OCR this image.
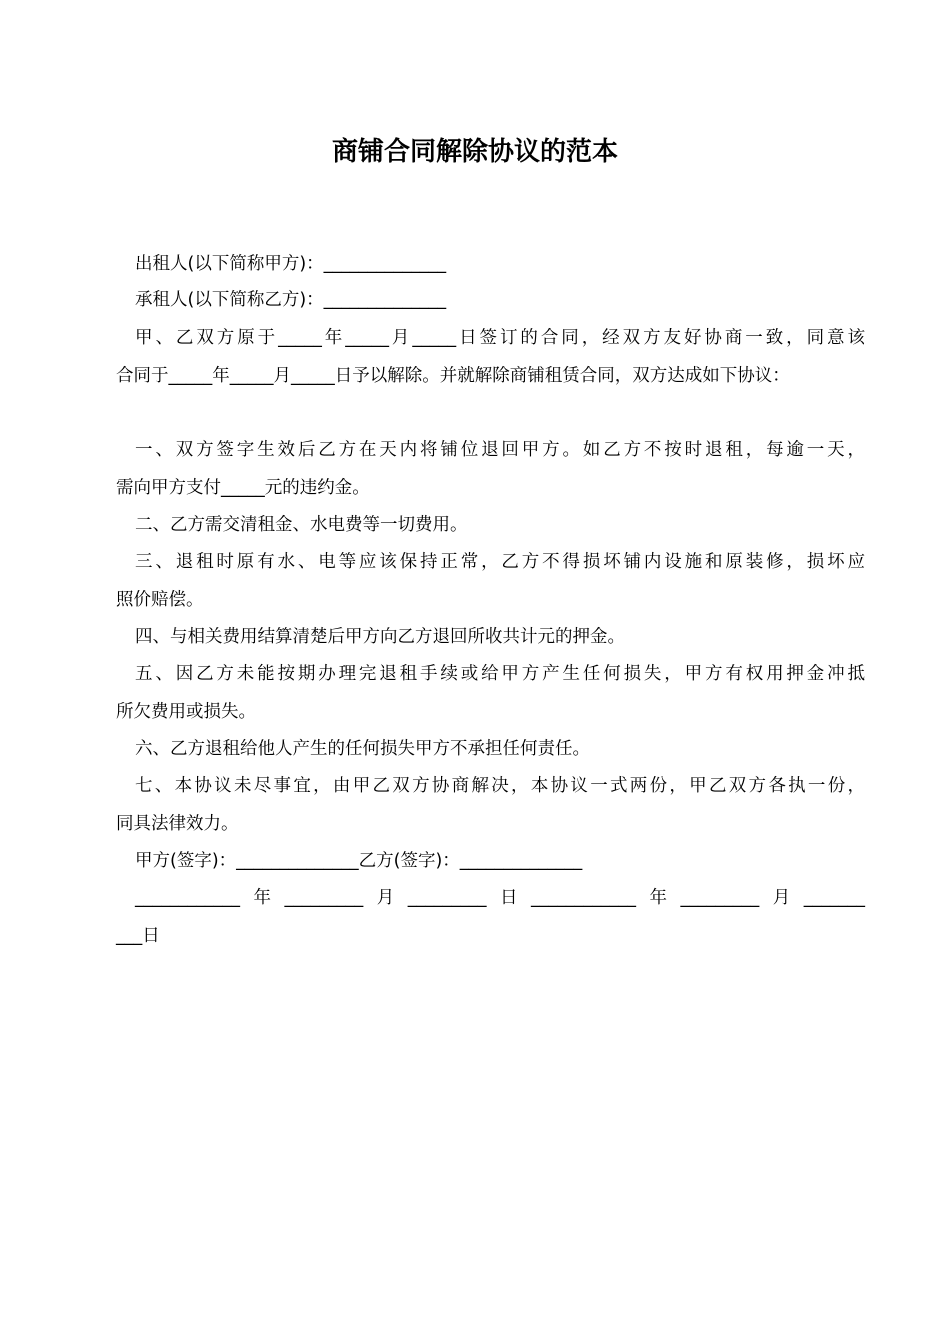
商铺合同解除协议的范本
出租人(以下简称甲方)：______________
承租人(以下简称乙方)：______________
甲、乙双方原于_____年_____月_____日签订的合同，经双方友好协商一致，同意该
合同于_____年_____月_____日予以解除。并就解除商铺租赁合同，双方达成如下协议：
一、双方签字生效后乙方在天内将铺位退回甲方。如乙方不按时退租，每逾一天，
需向甲方支付_____元的违约金。
二、乙方需交清租金、水电费等一切费用。
三、退租时原有水、电等应该保持正常，乙方不得损坏铺内设施和原装修，损坏应
照价赔偿。
四、与相关费用结算清楚后甲方向乙方退回所收共计元的押金。
五、因乙方未能按期办理完退租手续或给甲方产生任何损失，甲方有权用押金冲抵
所欠费用或损失。
六、乙方退租给他人产生的任何损失甲方不承担任何责任。
七、本协议未尽事宜，由甲乙双方协商解决，本协议一式两份，甲乙双方各执一份，
同具法律效力。
甲方(签字)：______________乙方(签字)：______________
____________年_________月_________日____________年_________月_______
___日
